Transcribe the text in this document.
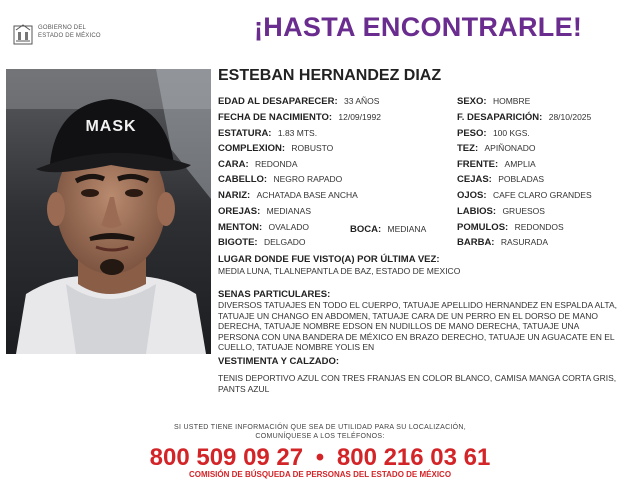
GOBIERNO DEL
ESTADO DE MÉXICO	¡HASTA ENCONTRARLE!
MASK
ESTEBAN HERNANDEZ DIAZ
EDAD AL DESAPARECER: 33 AÑOS
FECHA DE NACIMIENTO: 12/09/1992
ESTATURA: 1.83 MTS.
COMPLEXION: ROBUSTO
CARA: REDONDA
CABELLO: NEGRO RAPADO
NARIZ: ACHATADA BASE ANCHA
OREJAS: MEDIANAS
MENTON: OVALADO
BIGOTE: DELGADO
BOCA: MEDIANA
SEXO: HOMBRE
F. DESAPARICIÓN: 28/10/2025
PESO: 100 KGS.
TEZ: APIÑONADO
FRENTE: AMPLIA
CEJAS: POBLADAS
OJOS: CAFE CLARO GRANDES
LABIOS: GRUESOS
POMULOS: REDONDOS
BARBA: RASURADA
LUGAR DONDE FUE VISTO(A) POR ÚLTIMA VEZ:
MEDIA LUNA, TLALNEPANTLA DE BAZ, ESTADO DE MEXICO
SENAS PARTICULARES:
DIVERSOS TATUAJES EN TODO EL CUERPO, TATUAJE APELLIDO HERNANDEZ EN ESPALDA ALTA, TATUAJE UN CHANGO EN ABDOMEN, TATUAJE CARA DE UN PERRO EN EL DORSO DE MANO DERECHA, TATUAJE NOMBRE EDSON EN NUDILLOS DE MANO DERECHA, TATUAJE UNA PERSONA CON UNA BANDERA DE MÉXICO EN BRAZO DERECHO, TATUAJE UN AGUACATE EN EL CUELLO, TATUAJE NOMBRE YOLIS EN
VESTIMENTA Y CALZADO:
TENIS DEPORTIVO AZUL CON TRES FRANJAS EN COLOR BLANCO, CAMISA MANGA CORTA GRIS, PANTS AZUL
SI USTED TIENE INFORMACIÓN QUE SEA DE UTILIDAD PARA SU LOCALIZACIÓN,
COMUNÍQUESE A LOS TELÉFONOS:
800 509 09 27 • 800 216 03 61
COMISIÓN DE BÚSQUEDA DE PERSONAS DEL ESTADO DE MÉXICO
